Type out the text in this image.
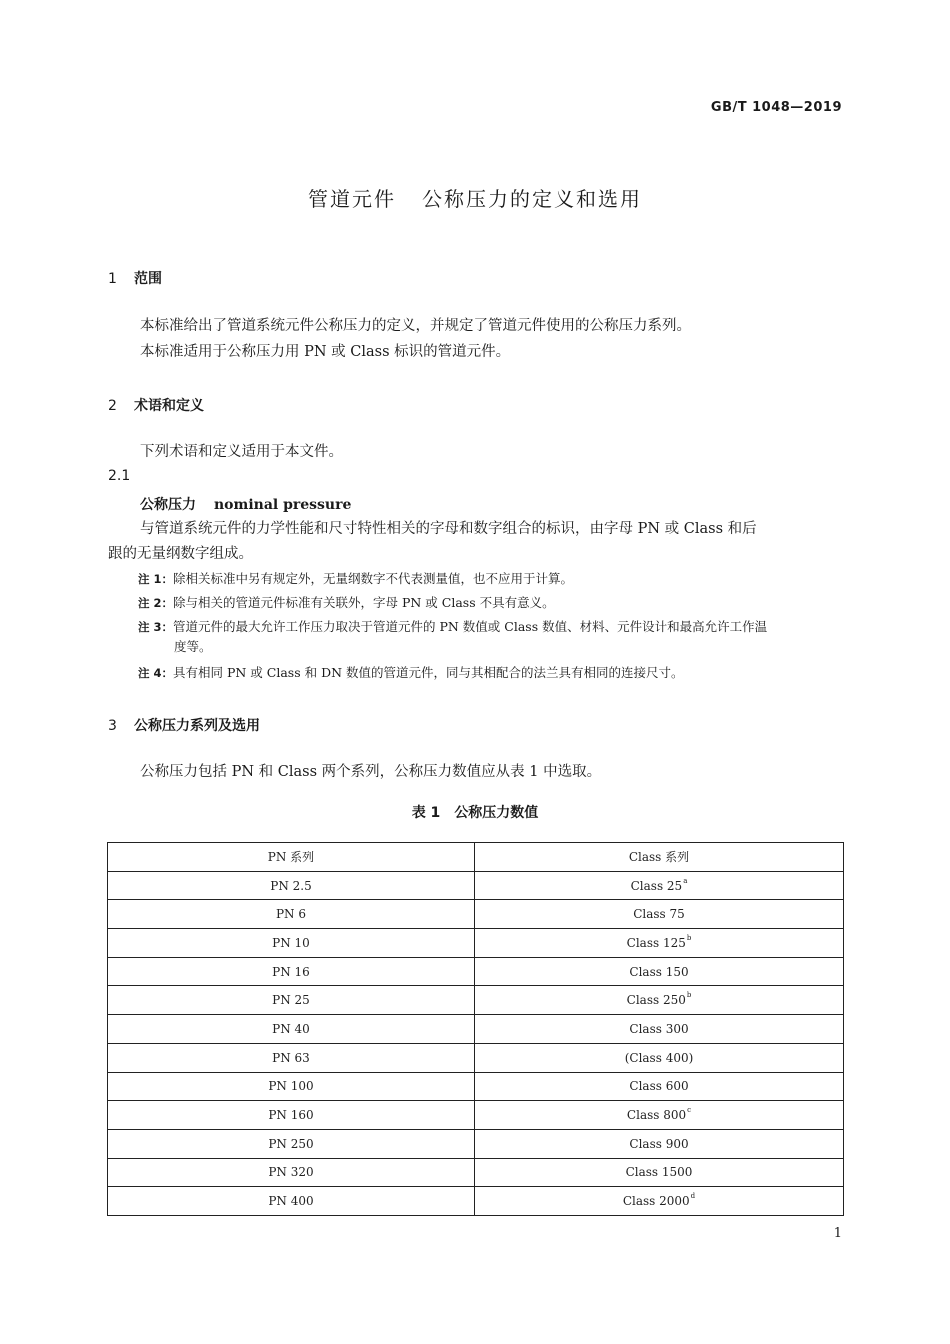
GB/T 1048—2019
管道元件 公称压力的定义和选用
1 范围
本标准给出了管道系统元件公称压力的定义，并规定了管道元件使用的公称压力系列。
本标准适用于公称压力用 PN 或 Class 标识的管道元件。
2 术语和定义
下列术语和定义适用于本文件。
2.1
公称压力 nominal pressure
与管道系统元件的力学性能和尺寸特性相关的字母和数字组合的标识，由字母 PN 或 Class 和后
跟的无量纲数字组成。
注 1：除相关标准中另有规定外，无量纲数字不代表测量值，也不应用于计算。
注 2：除与相关的管道元件标准有关联外，字母 PN 或 Class 不具有意义。
注 3：管道元件的最大允许工作压力取决于管道元件的 PN 数值或 Class 数值、材料、元件设计和最高允许工作温
度等。
注 4：具有相同 PN 或 Class 和 DN 数值的管道元件，同与其相配合的法兰具有相同的连接尺寸。
3 公称压力系列及选用
公称压力包括 PN 和 Class 两个系列，公称压力数值应从表 1 中选取。
表 1 公称压力数值
PN 系列	Class 系列
PN 2.5	Class 25$^a$
PN 6	Class 75
PN 10	Class 125$^b$
PN 16	Class 150
PN 25	Class 250$^b$
PN 40	Class 300
PN 63	(Class 400)
PN 100	Class 600
PN 160	Class 800$^c$
PN 250	Class 900
PN 320	Class 1500
PN 400	Class 2000$^d$
1
